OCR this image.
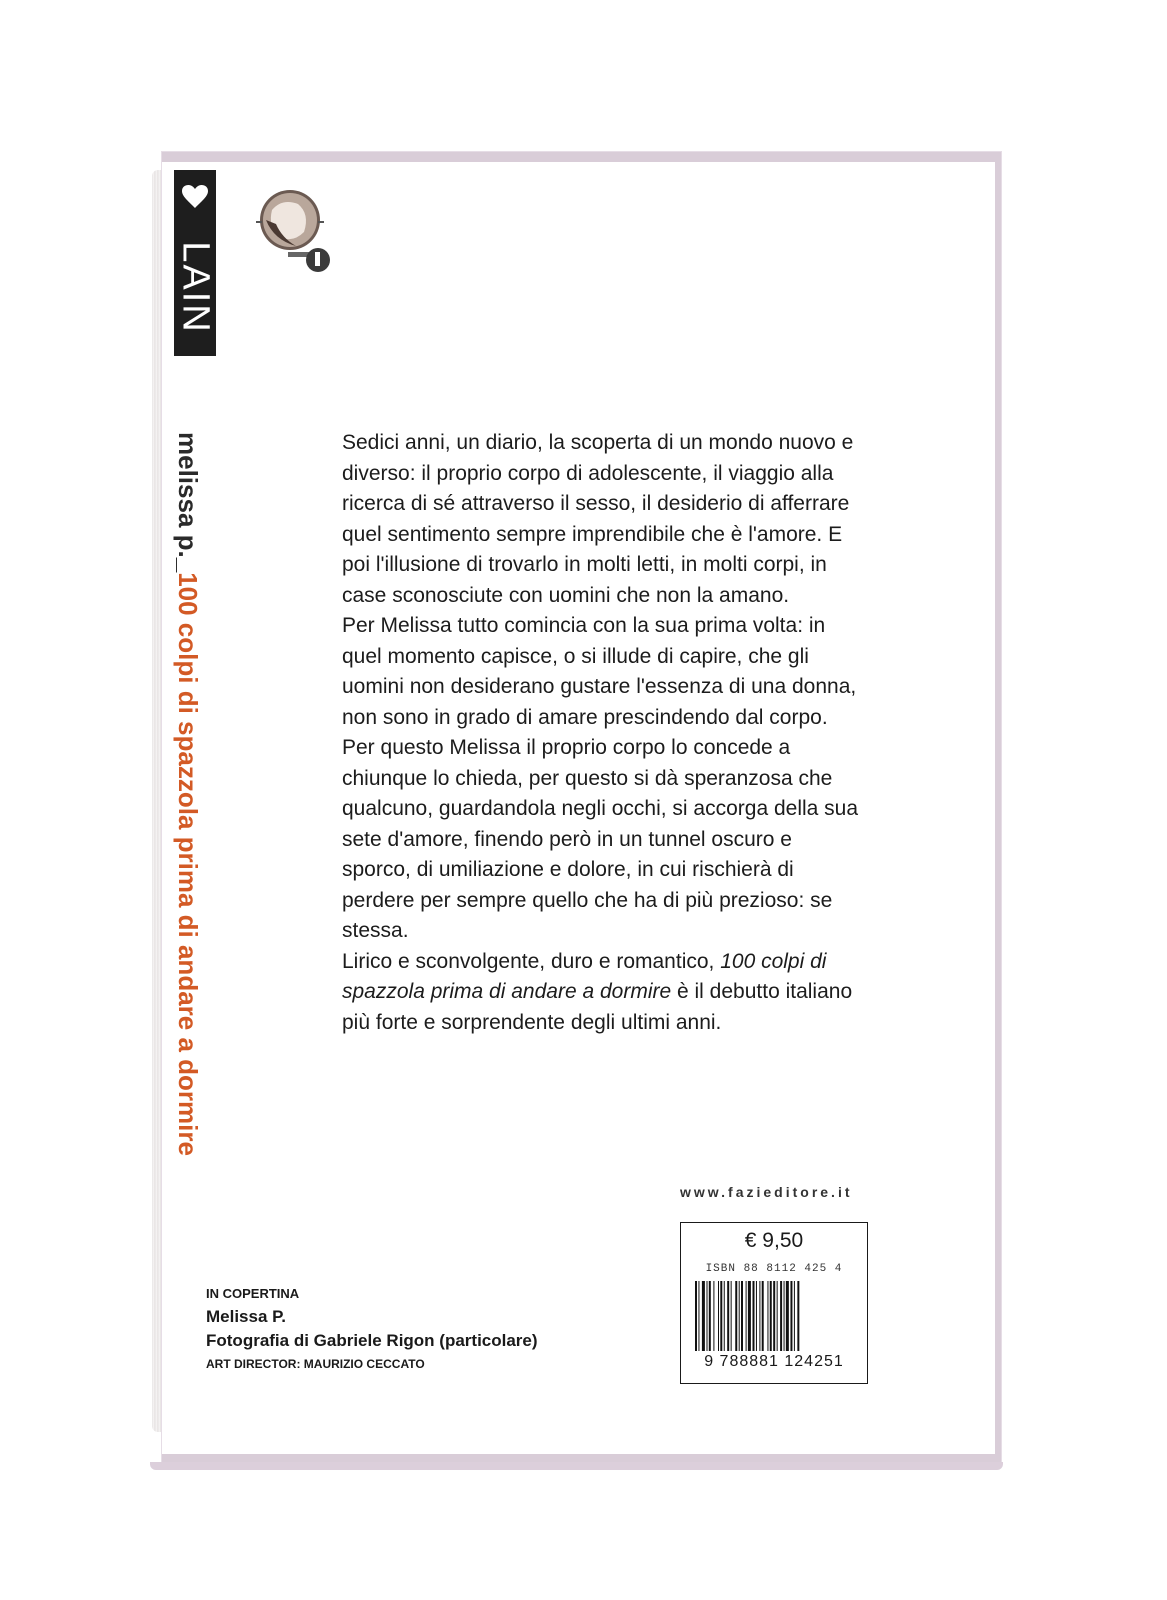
LAIN
melissa p._100 colpi di spazzola prima di andare a dormire

Sedici anni, un diario, la scoperta di un mondo nuovo e diverso: il proprio corpo di adolescente, il viaggio alla ricerca di sé attraverso il sesso, il desiderio di afferrare quel sentimento sempre imprendibile che è l'amore. E poi l'illusione di trovarlo in molti letti, in molti corpi, in case sconosciute con uomini che non la amano.

Per Melissa tutto comincia con la sua prima volta: in quel momento capisce, o si illude di capire, che gli uomini non desiderano gustare l'essenza di una donna, non sono in grado di amare prescindendo dal corpo. Per questo Melissa il proprio corpo lo concede a chiunque lo chieda, per questo si dà speranzosa che qualcuno, guardandola negli occhi, si accorga della sua sete d'amore, finendo però in un tunnel oscuro e sporco, di umiliazione e dolore, in cui rischierà di perdere per sempre quello che ha di più prezioso: se stessa.

Lirico e sconvolgente, duro e romantico, 100 colpi di spazzola prima di andare a dormire è il debutto italiano più forte e sorprendente degli ultimi anni.

www.fazieditore.it
€ 9,50
ISBN 88 8112 425 4
9 788881 124251
IN COPERTINA
Melissa P.
Fotografia di Gabriele Rigon (particolare)
ART DIRECTOR: MAURIZIO CECCATO
